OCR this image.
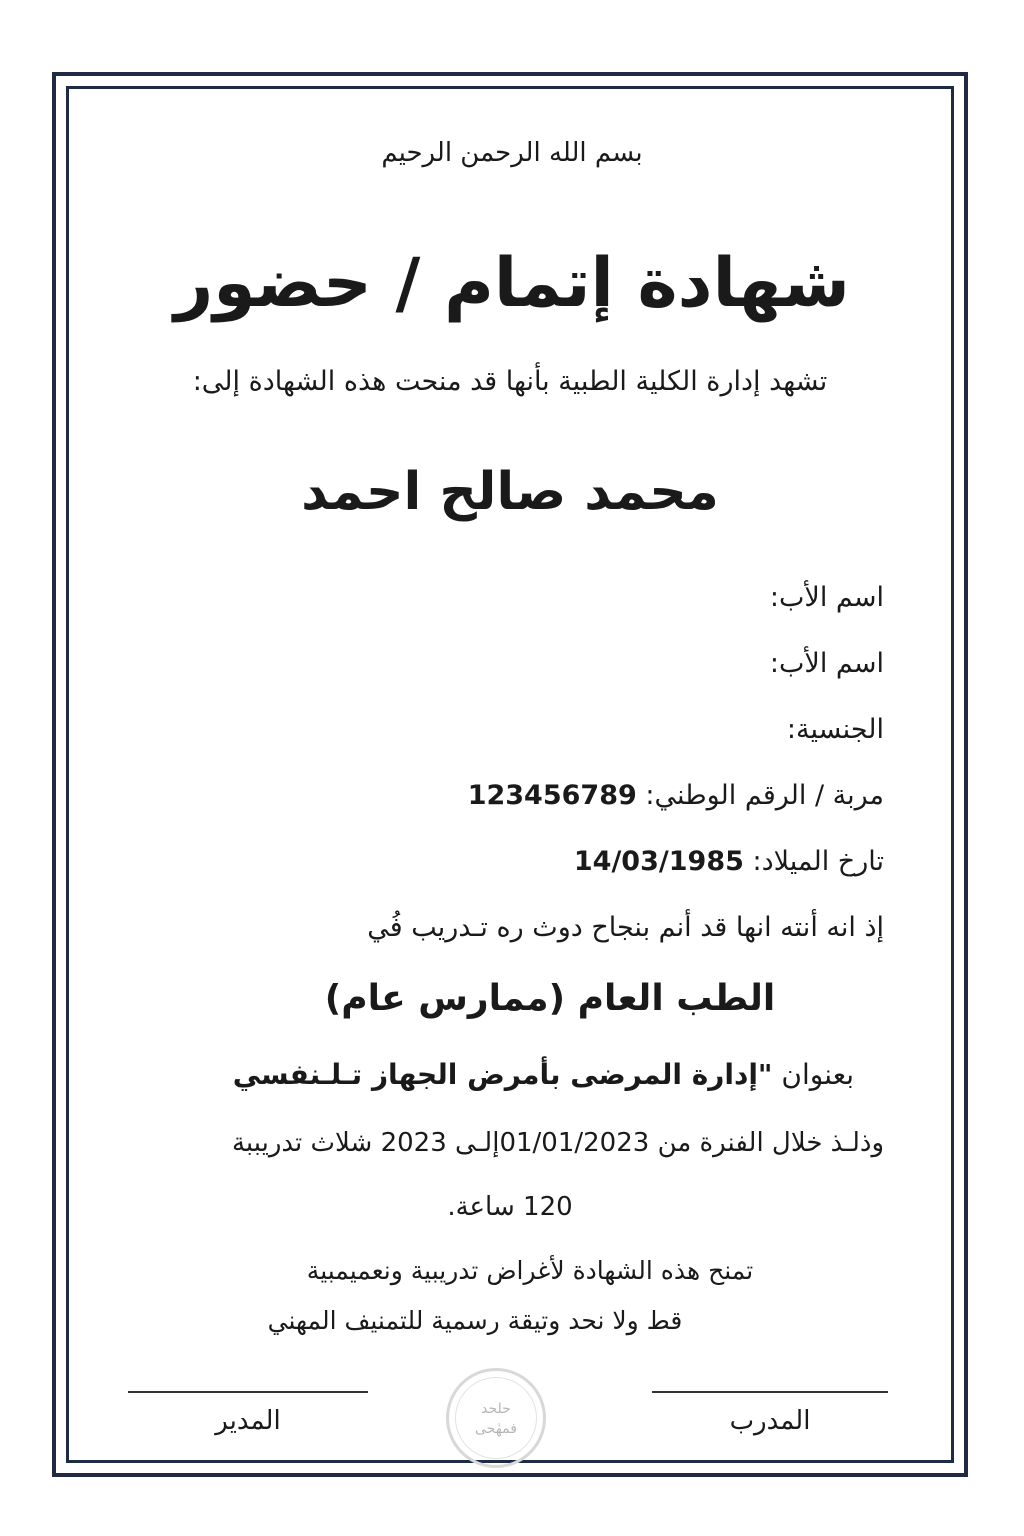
بسم الله الرحمن الرحيم
شهادة إتمام / حضور
تشهد إدارة الكلية الطبية بأنها قد منحت هذه الشهادة إلى:
محمد صالح احمد
اسم الأب:
اسم الأب:
الجنسية:
مربة / الرقم الوطني: 123456789
تارخ الميلاد: 14/03/1985
إذ انه أنته انها قد أنم بنجاح دوث ره تـدريب فُي
الطب العام (ممارس عام)
بعنوان "إدارة المرضى بأمرض الجهاز تـلـنفسي
وذلـذ خلال الفنرة من 01/01/2023إلـى 2023 شلاث تدريببة
120 ساعة.
تمنح هذه الشهادة لأغراض تدريبية ونعميمبية
قط ولا نحد وتيقة رسمية للتمنيف المهني
المدير	المدرب
حلحد
فمهٰحى
